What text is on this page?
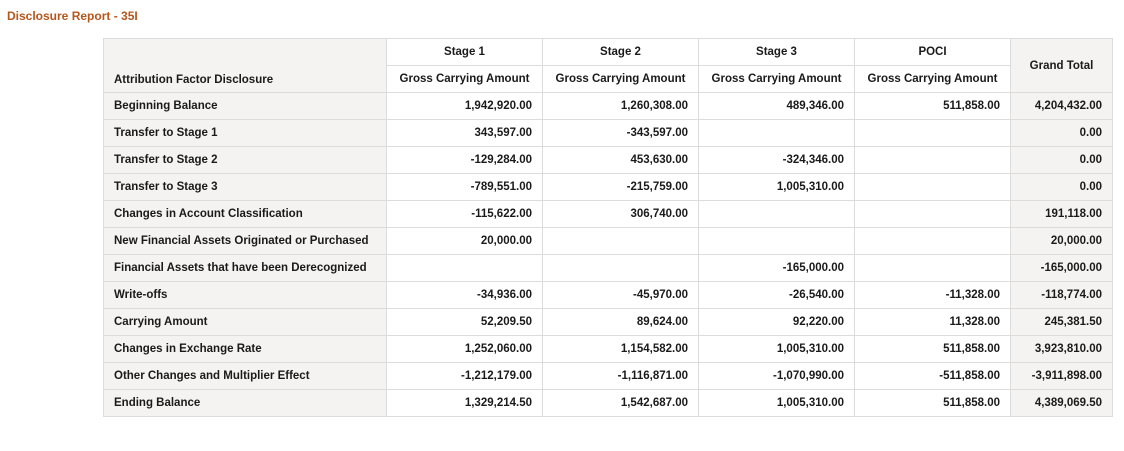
Disclosure Report - 35I
Attribution Factor Disclosure	Stage 1	Stage 2	Stage 3	POCI	Grand Total
	Gross Carrying Amount	Gross Carrying Amount	Gross Carrying Amount	Gross Carrying Amount	
Beginning Balance	1,942,920.00	1,260,308.00	489,346.00	511,858.00	4,204,432.00
Transfer to Stage 1	343,597.00	-343,597.00			0.00
Transfer to Stage 2	-129,284.00	453,630.00	-324,346.00		0.00
Transfer to Stage 3	-789,551.00	-215,759.00	1,005,310.00		0.00
Changes in Account Classification	-115,622.00	306,740.00			191,118.00
New Financial Assets Originated or Purchased	20,000.00				20,000.00
Financial Assets that have been Derecognized			-165,000.00		-165,000.00
Write-offs	-34,936.00	-45,970.00	-26,540.00	-11,328.00	-118,774.00
Carrying Amount	52,209.50	89,624.00	92,220.00	11,328.00	245,381.50
Changes in Exchange Rate	1,252,060.00	1,154,582.00	1,005,310.00	511,858.00	3,923,810.00
Other Changes and Multiplier Effect	-1,212,179.00	-1,116,871.00	-1,070,990.00	-511,858.00	-3,911,898.00
Ending Balance	1,329,214.50	1,542,687.00	1,005,310.00	511,858.00	4,389,069.50
